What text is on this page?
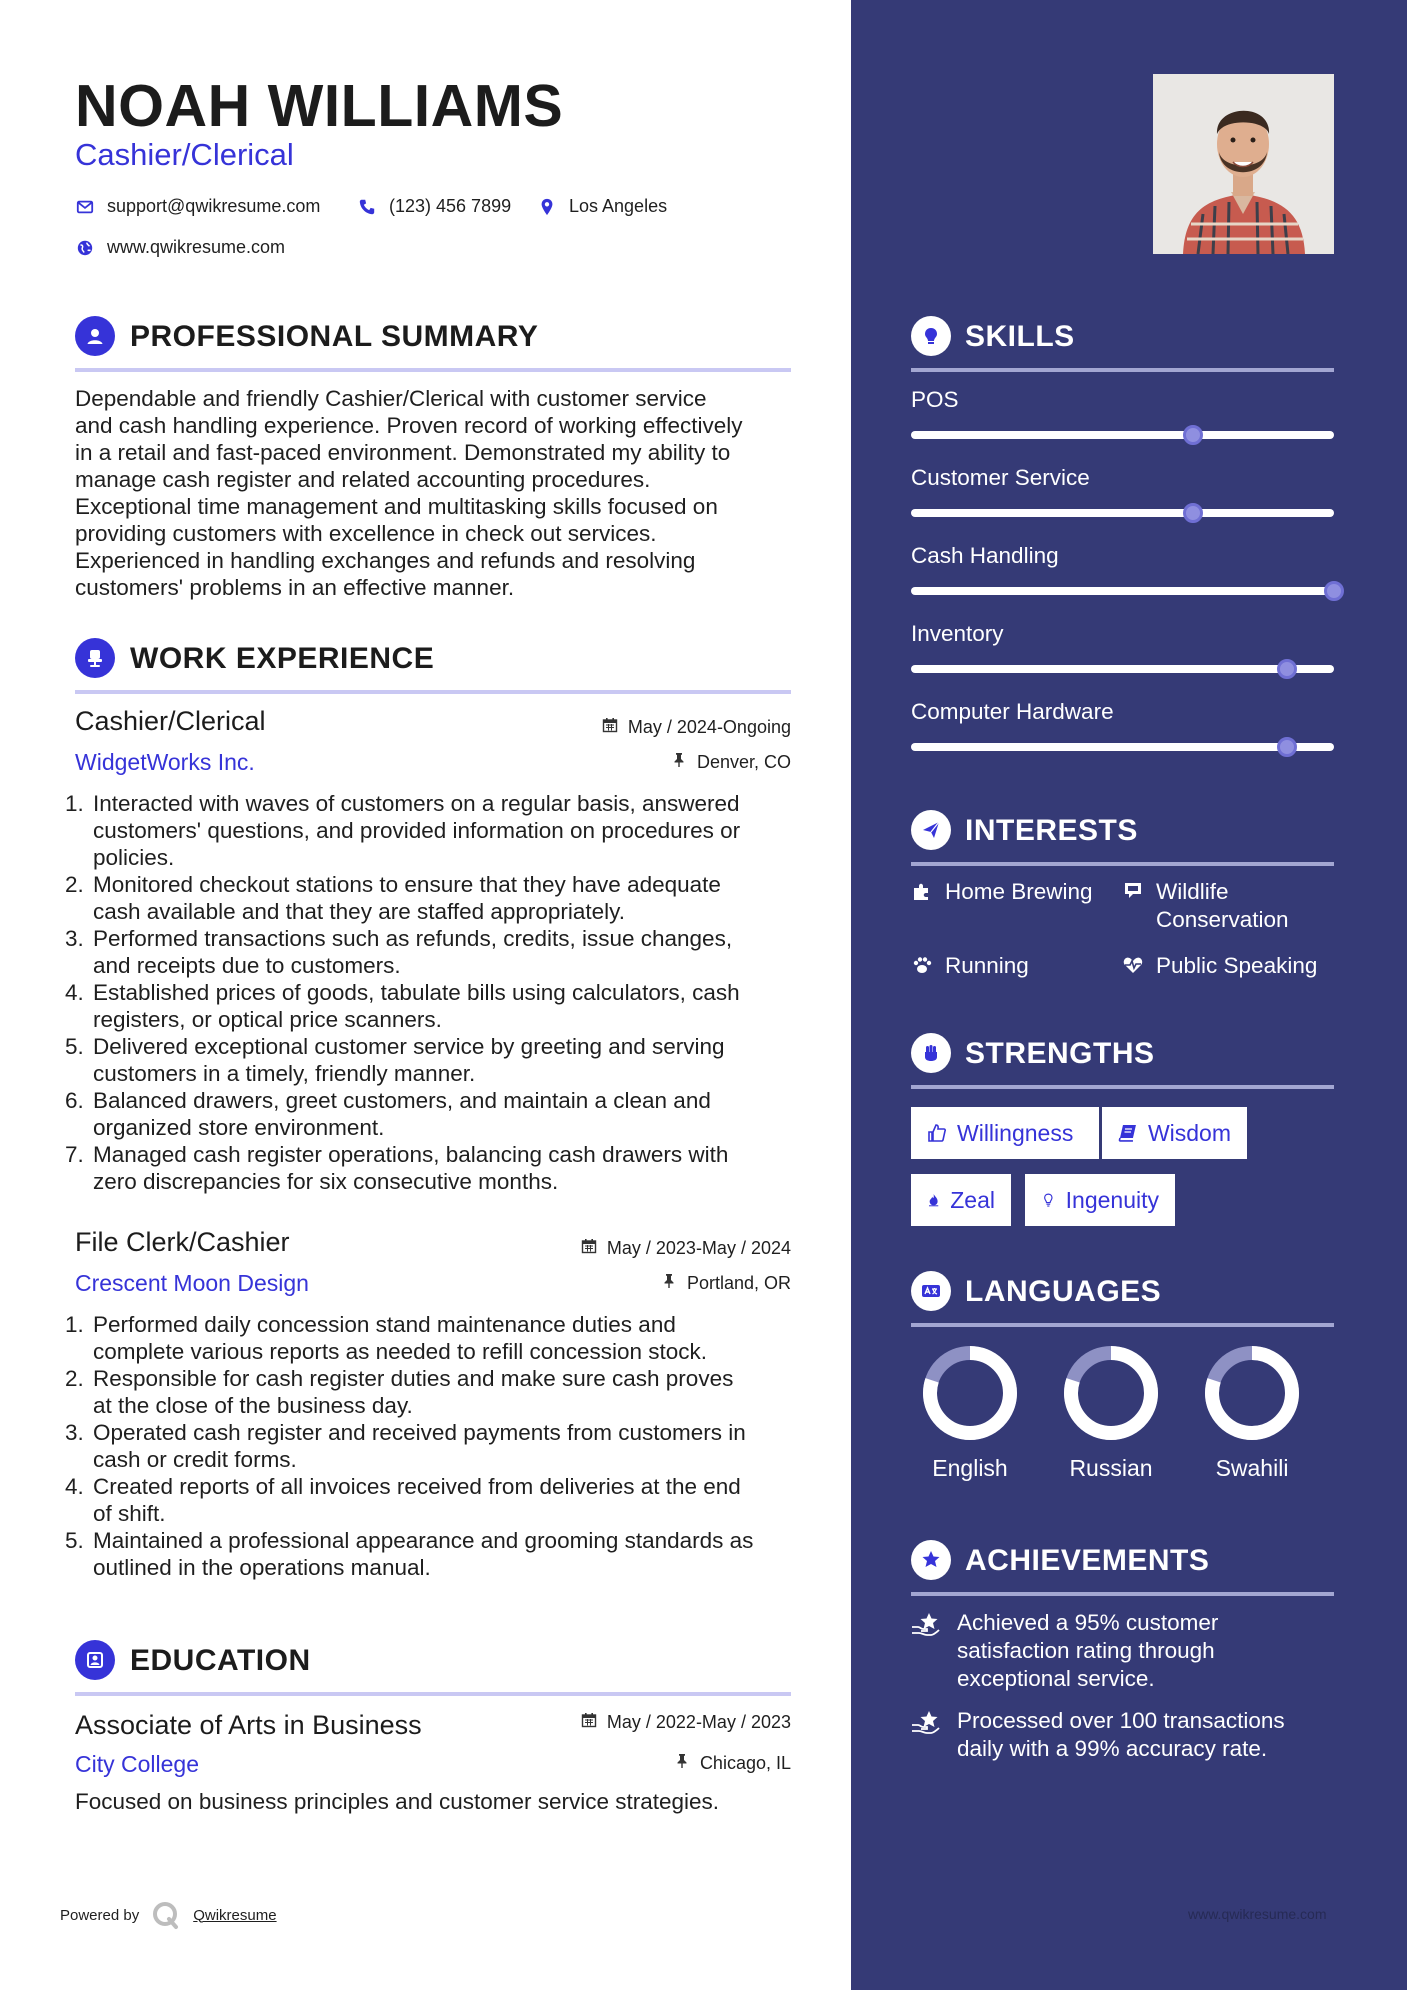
NOAH WILLIAMS
Cashier/Clerical
support@qwikresume.com	(123) 456 7899	Los Angeles
www.qwikresume.com
PROFESSIONAL SUMMARY
Dependable and friendly Cashier/Clerical with customer service
and cash handling experience. Proven record of working effectively
in a retail and fast-paced environment. Demonstrated my ability to
manage cash register and related accounting procedures.
Exceptional time management and multitasking skills focused on
providing customers with excellence in check out services.
Experienced in handling exchanges and refunds and resolving
customers' problems in an effective manner.
WORK EXPERIENCE
Cashier/Clerical	May / 2024-Ongoing
WidgetWorks Inc.	Denver, CO
1. Interacted with waves of customers on a regular basis, answered
customers' questions, and provided information on procedures or
policies.
2. Monitored checkout stations to ensure that they have adequate
cash available and that they are staffed appropriately.
3. Performed transactions such as refunds, credits, issue changes,
and receipts due to customers.
4. Established prices of goods, tabulate bills using calculators, cash
registers, or optical price scanners.
5. Delivered exceptional customer service by greeting and serving
customers in a timely, friendly manner.
6. Balanced drawers, greet customers, and maintain a clean and
organized store environment.
7. Managed cash register operations, balancing cash drawers with
zero discrepancies for six consecutive months.
File Clerk/Cashier	May / 2023-May / 2024
Crescent Moon Design	Portland, OR
1. Performed daily concession stand maintenance duties and
complete various reports as needed to refill concession stock.
2. Responsible for cash register duties and make sure cash proves
at the close of the business day.
3. Operated cash register and received payments from customers in
cash or credit forms.
4. Created reports of all invoices received from deliveries at the end
of shift.
5. Maintained a professional appearance and grooming standards as
outlined in the operations manual.
EDUCATION
Associate of Arts in Business	May / 2022-May / 2023
City College	Chicago, IL
Focused on business principles and customer service strategies.
Powered by	Qwikresume
SKILLS
POS
Customer Service
Cash Handling
Inventory
Computer Hardware
INTERESTS
Home Brewing	Wildlife
Conservation
Running	Public Speaking
STRENGTHS
Willingness	Wisdom
Zeal	Ingenuity
LANGUAGES
English	Russian	Swahili
ACHIEVEMENTS
Achieved a 95% customer
satisfaction rating through
exceptional service.
Processed over 100 transactions
daily with a 99% accuracy rate.
www.qwikresume.com
